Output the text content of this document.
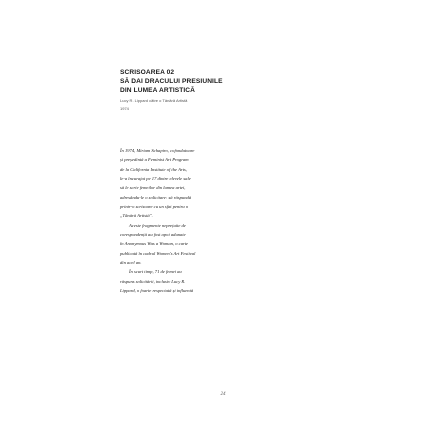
SCRISOAREA 02
SĂ DAI DRACULUI PRESIUNILE
DIN LUMEA ARTISTICĂ
Lucy R. Lippard către o Tânără Artistă
1974
În 1974, Miriam Schapiro, cofondatoare
și președintă a Feminist Art Program
de la California Institute of the Arts,
le-a încurajat pe 17 dintre elevele sale
să le scrie femeilor din lumea artei,
adresându-le o solicitare: să răspundă
printr-o scrisoare cu un sfat pentru o
„Tânără Artistă".
Aceste fragmente neprețuite de
corespondență au fost apoi adunate
în Anonymous Was a Woman, o carte
publicată în cadrul Women's Art Festival
din acel an.
În scurt timp, 71 de femei au
răspuns solicitării, inclusiv Lucy R.
Lippard, o foarte respectată și influentă
24
